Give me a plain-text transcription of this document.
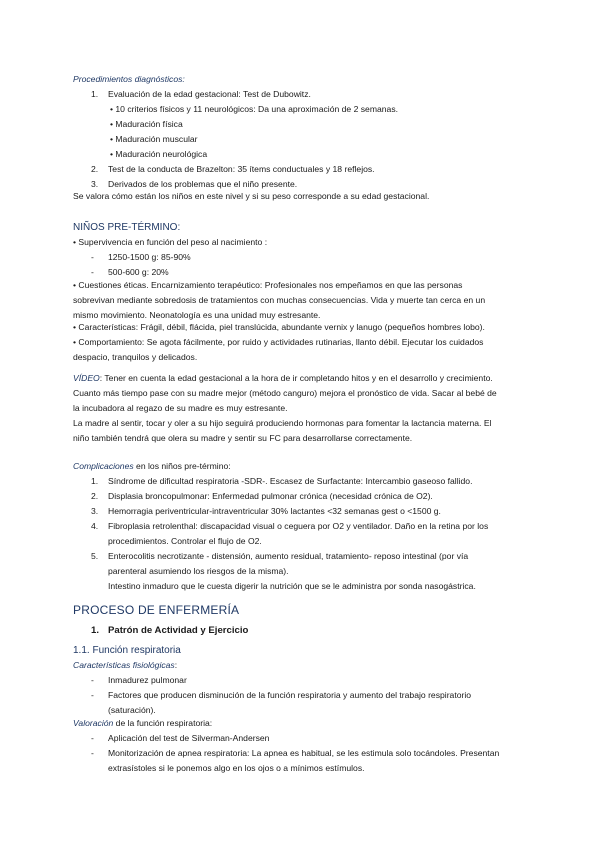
Procedimientos diagnósticos:
1.	Evaluación de la edad gestacional: Test de Dubowitz.
• 10 criterios físicos y 11 neurológicos: Da una aproximación de 2 semanas.
• Maduración física
• Maduración muscular
• Maduración neurológica
2.	Test de la conducta de Brazelton: 35 ítems conductuales y 18 reflejos.
3.	Derivados de los problemas que el niño presente.
Se valora cómo están los niños en este nivel y si su peso corresponde a su edad gestacional.
NIÑOS PRE-TÉRMINO:
• Supervivencia en función del peso al nacimiento :
- 1250-1500 g: 85-90%
- 500-600 g: 20%
• Cuestiones éticas. Encarnizamiento terapéutico: Profesionales nos empeñamos en que las personas
sobrevivan mediante sobredosis de tratamientos con muchas consecuencias. Vida y muerte tan cerca en un
mismo movimiento. Neonatología es una unidad muy estresante.
• Características: Frágil, débil, flácida, piel translúcida, abundante vernix y lanugo (pequeños hombres lobo).
• Comportamiento: Se agota fácilmente, por ruido y actividades rutinarias, llanto débil. Ejecutar los cuidados
despacio, tranquilos y delicados.
VÍDEO: Tener en cuenta la edad gestacional a la hora de ir completando hitos y en el desarrollo y crecimiento.
Cuanto más tiempo pase con su madre mejor (método canguro) mejora el pronóstico de vida. Sacar al bebé de
la incubadora al regazo de su madre es muy estresante.
La madre al sentir, tocar y oler a su hijo seguirá produciendo hormonas para fomentar la lactancia materna. El
niño también tendrá que olera su madre y sentir su FC para desarrollarse correctamente.
Complicaciones en los niños pre-término:
1.	Síndrome de dificultad respiratoria -SDR-. Escasez de Surfactante: Intercambio gaseoso fallido.
2.	Displasia broncopulmonar: Enfermedad pulmonar crónica (necesidad crónica de O2).
3.	Hemorragia periventricular-intraventricular 30% lactantes <32 semanas gest o <1500 g.
4.	Fibroplasia retrolenthal: discapacidad visual o ceguera por O2 y ventilador. Daño en la retina por los
procedimientos. Controlar el flujo de O2.
5.	Enterocolitis necrotizante - distensión, aumento residual, tratamiento- reposo intestinal (por vía
parenteral asumiendo los riesgos de la misma).
Intestino inmaduro que le cuesta digerir la nutrición que se le administra por sonda nasogástrica.
PROCESO DE ENFERMERÍA
1. Patrón de Actividad y Ejercicio
1.1. Función respiratoria
Características fisiológicas:
- Inmadurez pulmonar
- Factores que producen disminución de la función respiratoria y aumento del trabajo respiratorio
(saturación).
Valoración de la función respiratoria:
- Aplicación del test de Silverman-Andersen
- Monitorización de apnea respiratoria: La apnea es habitual, se les estimula solo tocándoles. Presentan
extrasístoles si le ponemos algo en los ojos o a mínimos estímulos.
